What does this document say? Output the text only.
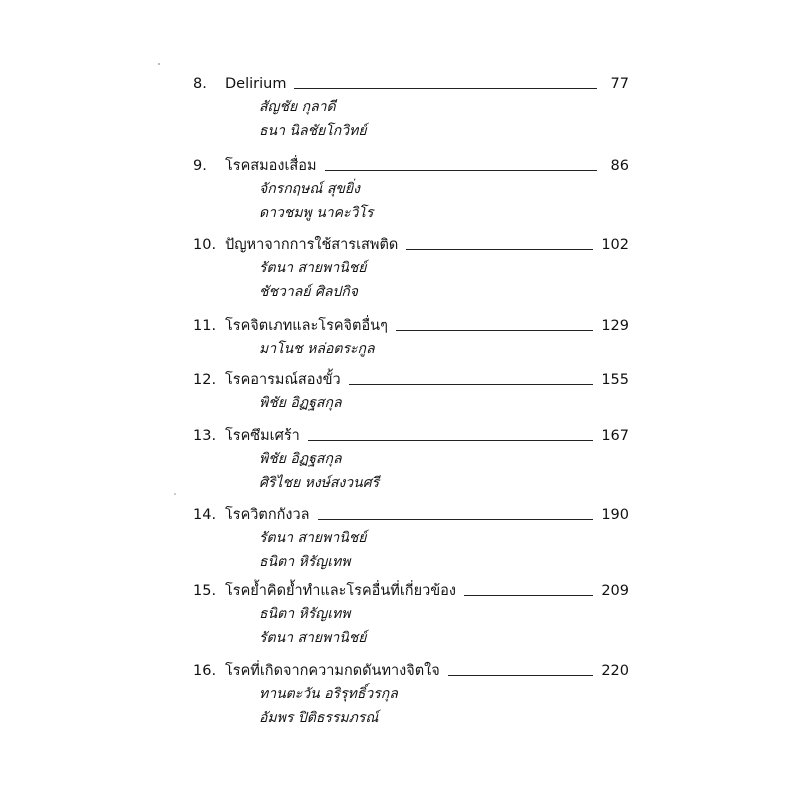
8.	Delirium	77
สัญชัย กุลาดี
ธนา นิลชัยโกวิทย์
9.	โรคสมองเสื่อม	86
จักรกฤษณ์ สุขยิ่ง
ดาวชมพู นาคะวิโร
10. ปัญหาจากการใช้สารเสพติด	102
รัตนา สายพานิชย์
ชัชวาลย์ ศิลปกิจ
11. โรคจิตเภทและโรคจิตอื่นๆ	129
มาโนช หล่อตระกูล
12. โรคอารมณ์สองขั้ว	155
พิชัย อิฏฐสกุล
13. โรคซึมเศร้า	167
พิชัย อิฏฐสกุล
ศิริไชย หงษ์สงวนศรี
14. โรควิตกกังวล	190
รัตนา สายพานิชย์
ธนิตา หิรัญเทพ
15. โรคย้ำคิดย้ำทำและโรคอื่นที่เกี่ยวข้อง	209
ธนิตา หิรัญเทพ
รัตนา สายพานิชย์
16. โรคที่เกิดจากความกดดันทางจิตใจ	220
ทานตะวัน อริรุทธิ์วรกุล
อัมพร ปิติธรรมภรณ์
